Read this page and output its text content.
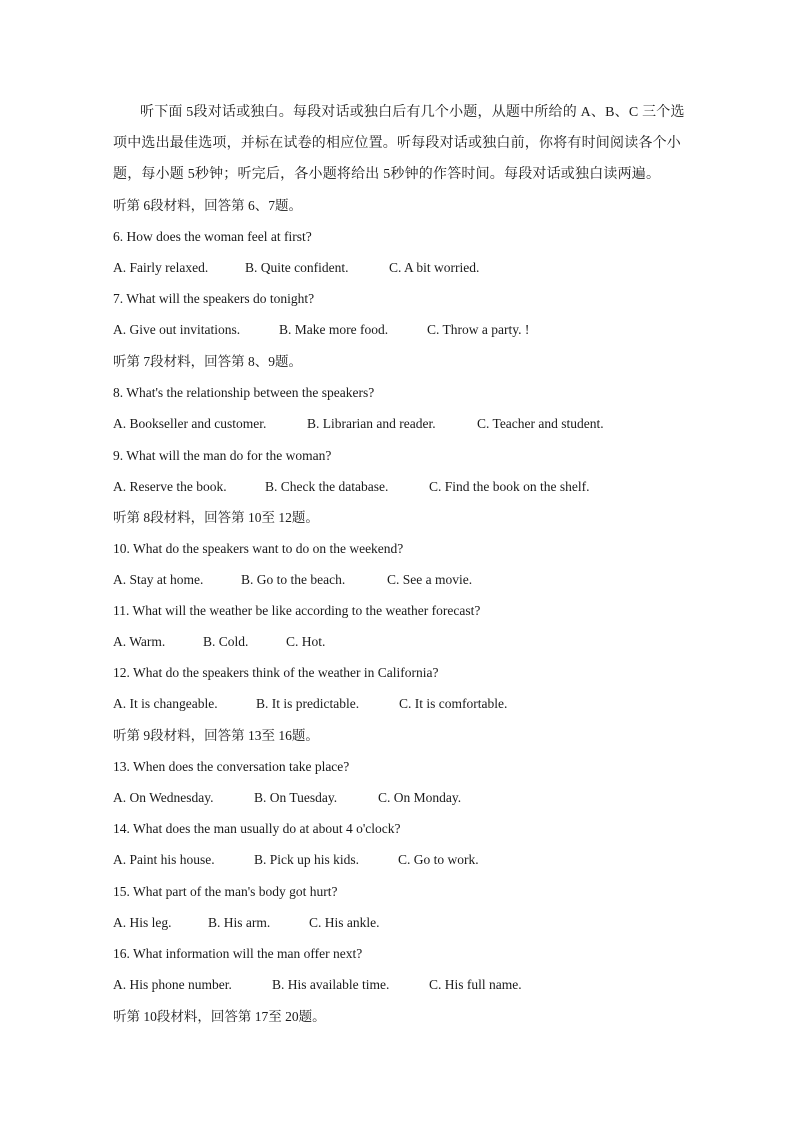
听下面 5段对话或独白。每段对话或独白后有几个小题，从题中所给的 A、B、C 三个选
项中选出最佳选项，并标在试卷的相应位置。听每段对话或独白前，你将有时间阅读各个小
题，每小题 5秒钟；听完后，各小题将给出 5秒钟的作答时间。每段对话或独白读两遍。
听第 6段材料，回答第 6、7题。
6. How does the woman feel at first?
A. Fairly relaxed.	B. Quite confident.	C. A bit worried.
7. What will the speakers do tonight?
A. Give out invitations.	B. Make more food.	C. Throw a party. !
听第 7段材料，回答第 8、9题。
8. What's the relationship between the speakers?
A. Bookseller and customer.	B. Librarian and reader.	C. Teacher and student.
9. What will the man do for the woman?
A. Reserve the book.	B. Check the database.	C. Find the book on the shelf.
听第 8段材料，回答第 10至 12题。
10. What do the speakers want to do on the weekend?
A. Stay at home.	B. Go to the beach.	C. See a movie.
11. What will the weather be like according to the weather forecast?
A. Warm.	B. Cold.	C. Hot.
12. What do the speakers think of the weather in California?
A. It is changeable.	B. It is predictable.	C. It is comfortable.
听第 9段材料，回答第 13至 16题。
13. When does the conversation take place?
A. On Wednesday.	B. On Tuesday.	C. On Monday.
14. What does the man usually do at about 4 o'clock?
A. Paint his house.	B. Pick up his kids.	C. Go to work.
15. What part of the man's body got hurt?
A. His leg.	B. His arm.	C. His ankle.
16. What information will the man offer next?
A. His phone number.	B. His available time.	C. His full name.
听第 10段材料，回答第 17至 20题。
